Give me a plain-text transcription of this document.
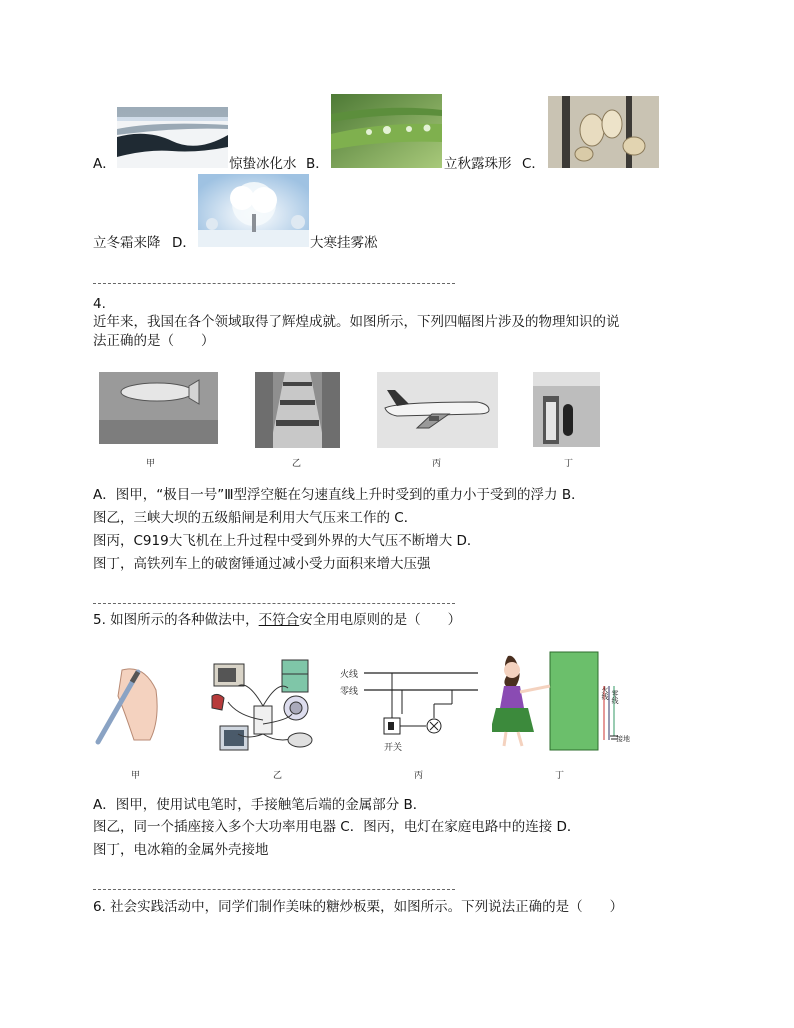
A．	惊蛰冰化水 B．	立秋露珠形 C．
立冬霜来降 D．	大寒挂雾凇
4.
近年来，我国在各个领域取得了辉煌成就。如图所示，下列四幅图片涉及的物理知识的说
法正确的是（　　）
甲	乙	丙	丁
A．图甲，“极目一号”Ⅲ型浮空艇在匀速直线上升时受到的重力小于受到的浮力 B．
图乙，三峡大坝的五级船闸是利用大气压来工作的 C．
图丙，C919大飞机在上升过程中受到外界的大气压不断增大 D．
图丁，高铁列车上的破窗锤通过减小受力面积来增大压强
5. 如图所示的各种做法中，不符合安全用电原则的是（　　）
火线
零线
开关
火线 零线
接地
甲	乙	丙	丁
A．图甲，使用试电笔时，手接触笔后端的金属部分 B．
图乙，同一个插座接入多个大功率用电器 C．图丙，电灯在家庭电路中的连接 D．
图丁，电冰箱的金属外壳接地
6. 社会实践活动中，同学们制作美味的糖炒板栗，如图所示。下列说法正确的是（　　）
